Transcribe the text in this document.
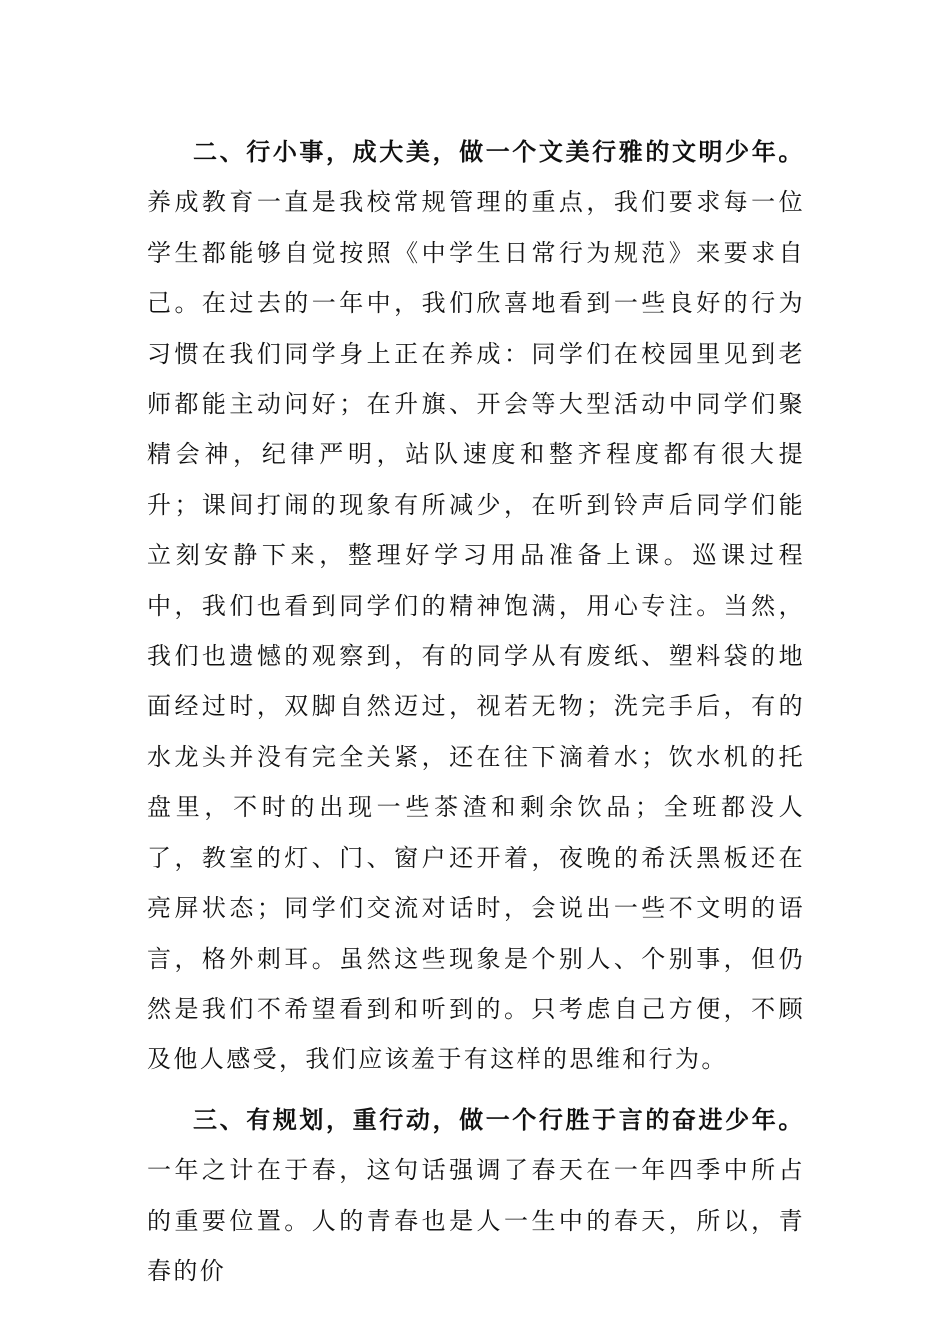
二、行小事，成大美，做一个文美行雅的文明少年。养成教育一直是我校常规管理的重点，我们要求每一位学生都能够自觉按照《中学生日常行为规范》来要求自己。在过去的一年中，我们欣喜地看到一些良好的行为习惯在我们同学身上正在养成：同学们在校园里见到老师都能主动问好；在升旗、开会等大型活动中同学们聚精会神，纪律严明，站队速度和整齐程度都有很大提升；课间打闹的现象有所减少，在听到铃声后同学们能立刻安静下来，整理好学习用品准备上课。巡课过程中，我们也看到同学们的精神饱满，用心专注。当然，我们也遗憾的观察到，有的同学从有废纸、塑料袋的地面经过时，双脚自然迈过，视若无物；洗完手后，有的水龙头并没有完全关紧，还在往下滴着水；饮水机的托盘里，不时的出现一些茶渣和剩余饮品；全班都没人了，教室的灯、门、窗户还开着，夜晚的希沃黑板还在亮屏状态；同学们交流对话时，会说出一些不文明的语言，格外刺耳。虽然这些现象是个别人、个别事，但仍然是我们不希望看到和听到的。只考虑自己方便，不顾及他人感受，我们应该羞于有这样的思维和行为。

三、有规划，重行动，做一个行胜于言的奋进少年。一年之计在于春，这句话强调了春天在一年四季中所占的重要位置。人的青春也是人一生中的春天，所以，青春的价
